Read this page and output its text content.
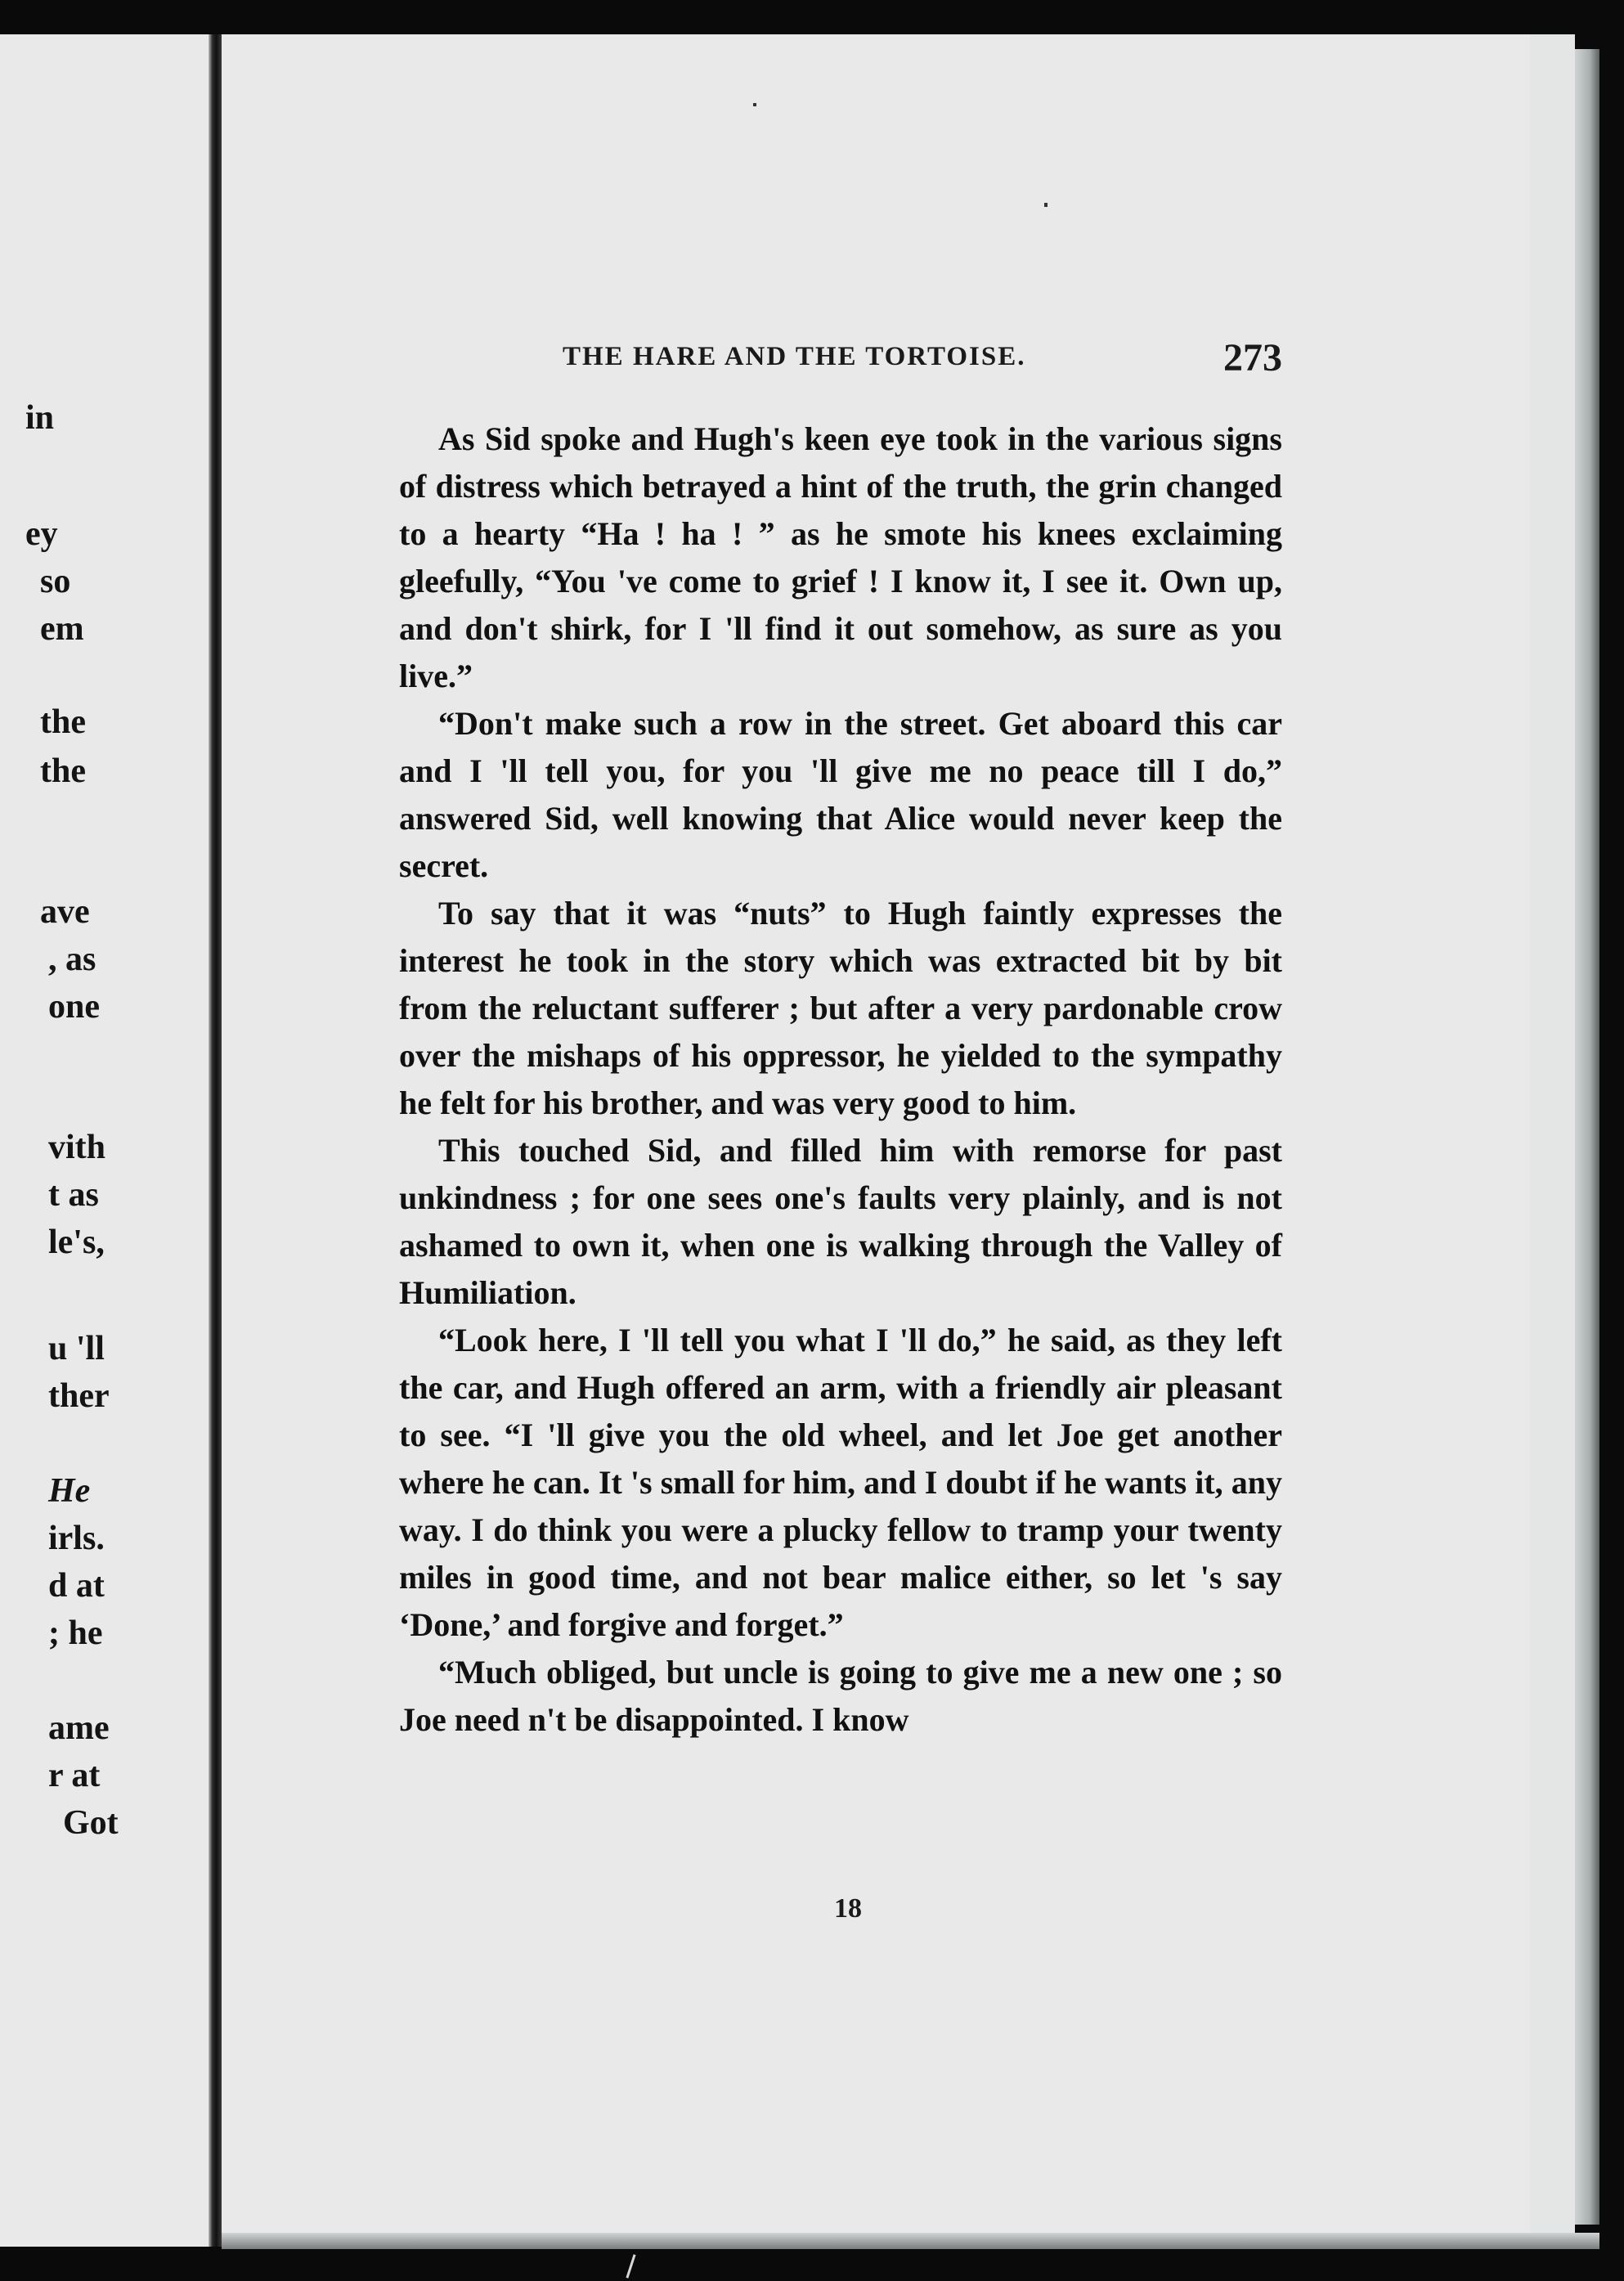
in
ey
so
em
the
the
ave
, as
one
vith
t as
le's,
u 'll
ther
He
irls.
d at
; he
ame
r at
Got
THE HARE AND THE TORTOISE.	273

As Sid spoke and Hugh's keen eye took in the various signs of distress which betrayed a hint of the truth, the grin changed to a hearty “Ha ! ha ! ” as he smote his knees exclaiming gleefully, “You 've come to grief ! I know it, I see it. Own up, and don't shirk, for I 'll find it out somehow, as sure as you live.”

“Don't make such a row in the street. Get aboard this car and I 'll tell you, for you 'll give me no peace till I do,” answered Sid, well knowing that Alice would never keep the secret.

To say that it was “nuts” to Hugh faintly expresses the interest he took in the story which was extracted bit by bit from the reluctant sufferer ; but after a very pardonable crow over the mishaps of his oppressor, he yielded to the sympathy he felt for his brother, and was very good to him.

This touched Sid, and filled him with remorse for past unkindness ; for one sees one's faults very plainly, and is not ashamed to own it, when one is walking through the Valley of Humiliation.

“Look here, I 'll tell you what I 'll do,” he said, as they left the car, and Hugh offered an arm, with a friendly air pleasant to see. “I 'll give you the old wheel, and let Joe get another where he can. It 's small for him, and I doubt if he wants it, any way. I do think you were a plucky fellow to tramp your twenty miles in good time, and not bear malice either, so let 's say ‘Done,’ and forgive and forget.”

“Much obliged, but uncle is going to give me a new one ; so Joe need n't be disappointed. I know

18
